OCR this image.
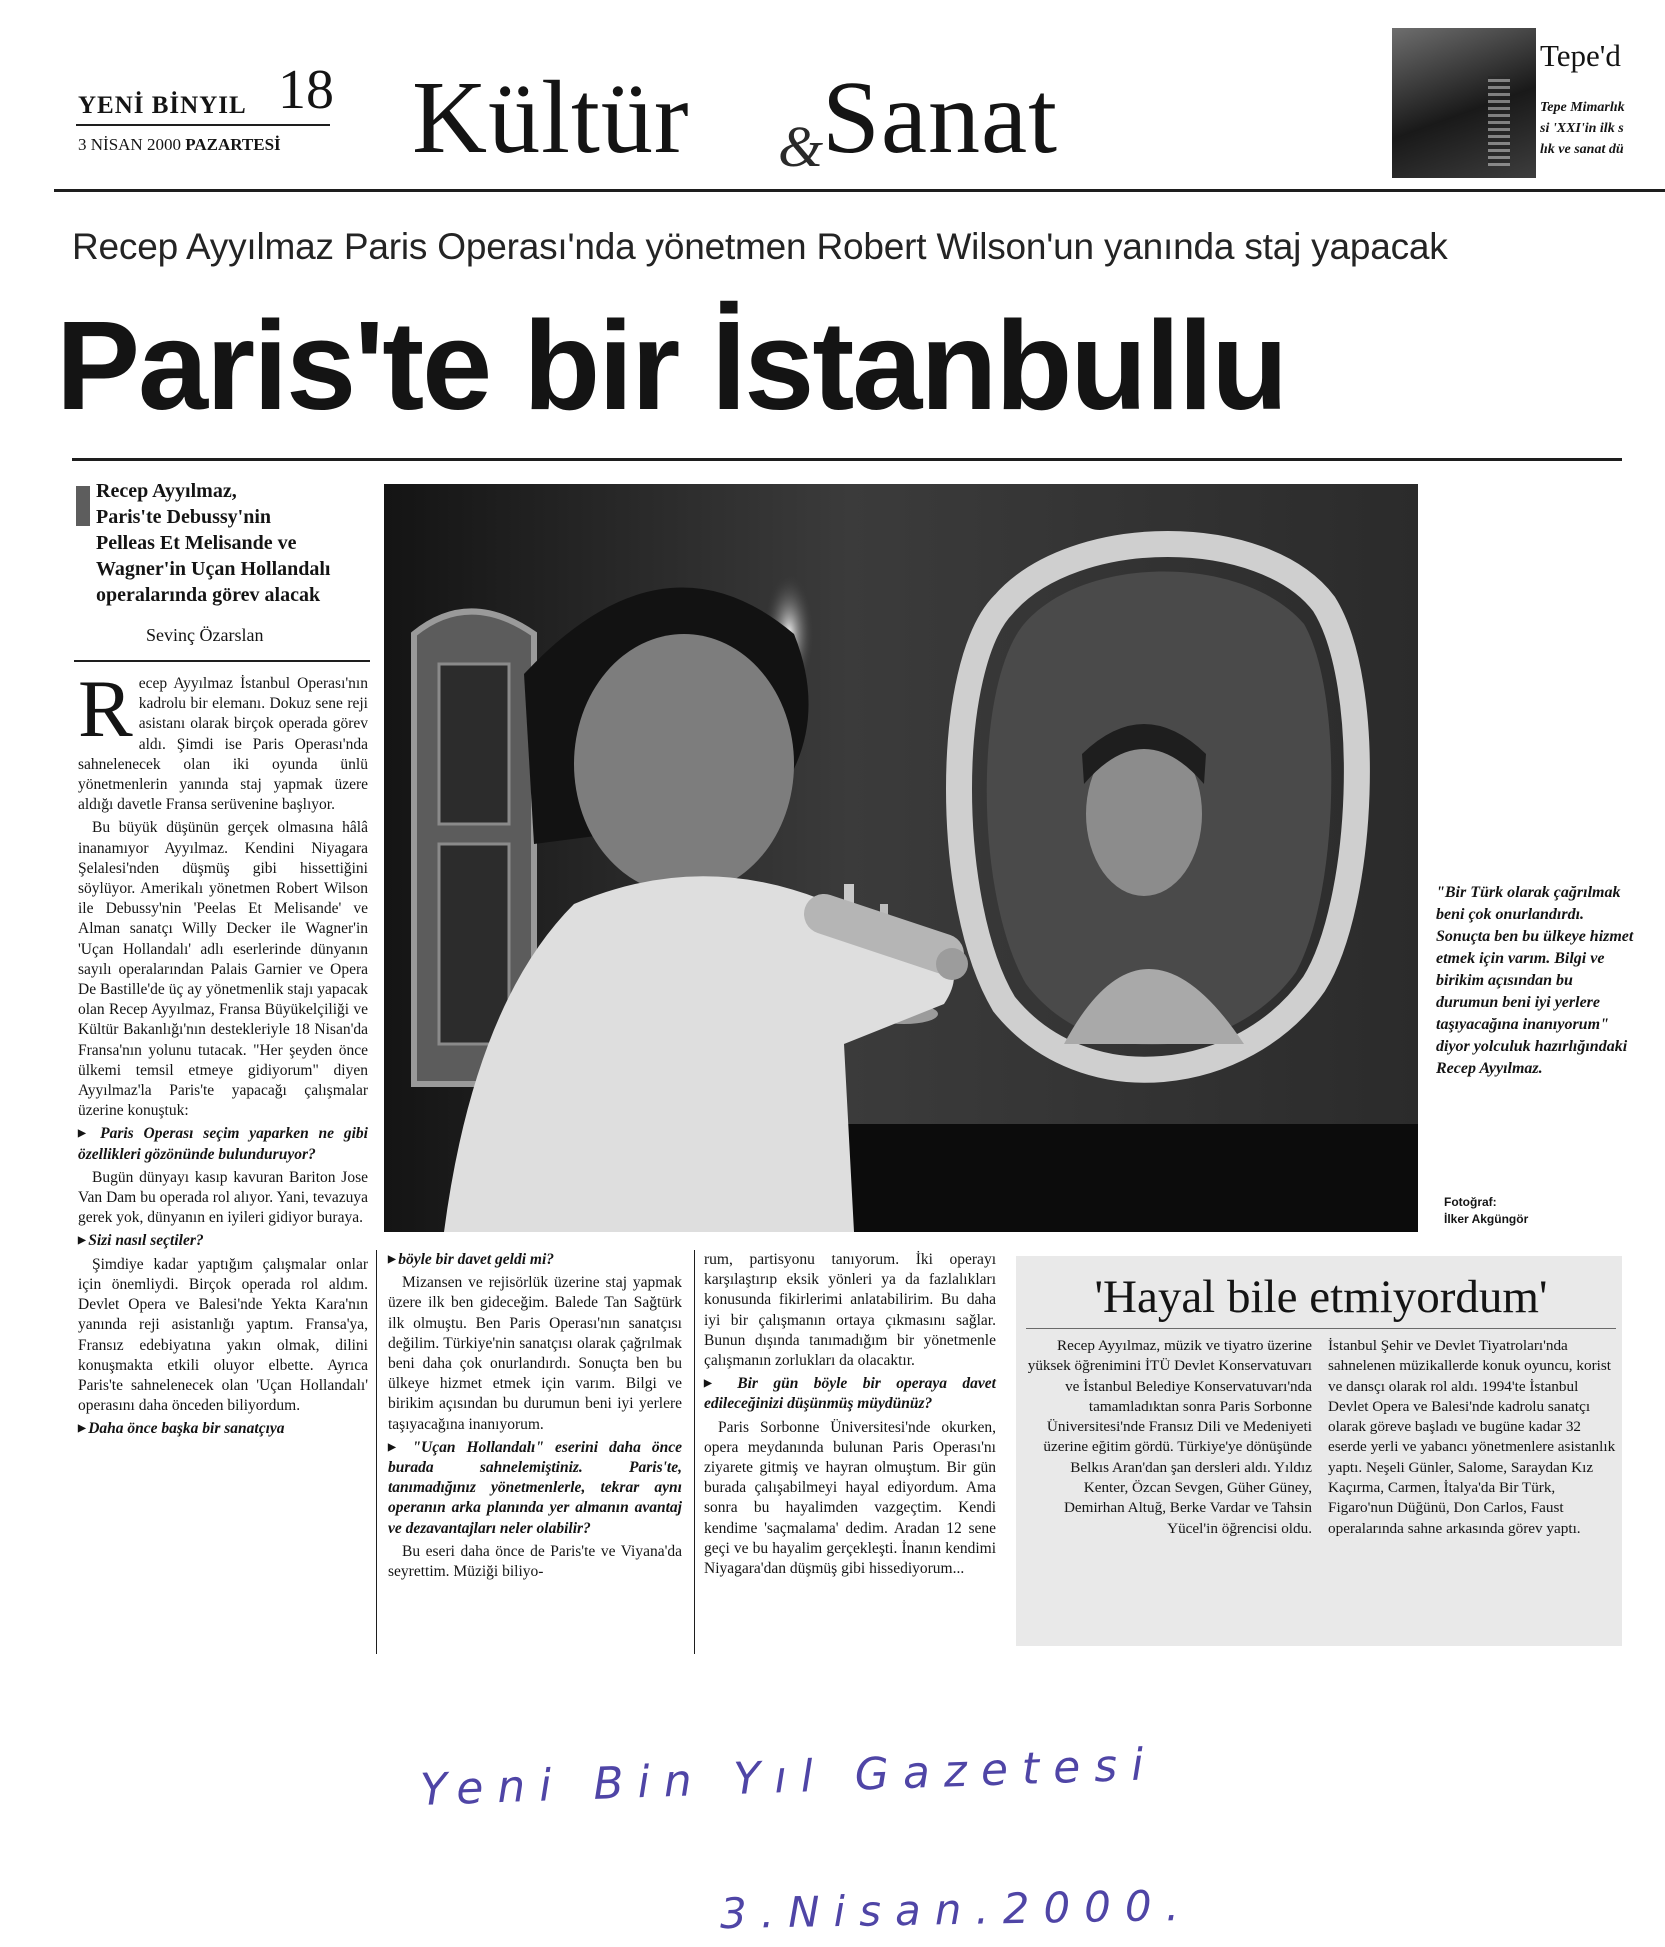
YENİ BİNYIL 18
3 NİSAN 2000 PAZARTESİ Kültür &
Sanat
Tepe'd
Tepe Mimarlık
si 'XXI'in ilk s
lık ve sanat dü
Recep Ayyılmaz Paris Operası'nda yönetmen Robert Wilson'un yanında staj yapacak
Paris'te bir İstanbullu
Recep Ayyılmaz,
Paris'te Debussy'nin
Pelleas Et Melisande ve
Wagner'in Uçan Hollandalı
operalarında görev alacak
Sevinç Özarslan

Recep Ayyılmaz İstanbul Operası'nın kadrolu bir elemanı. Dokuz sene reji asistanı olarak birçok operada görev aldı. Şimdi ise Paris Operası'nda sahnelenecek olan iki oyunda ünlü yönetmenlerin yanında staj yapmak üzere aldığı davetle Fransa serüvenine başlıyor.

Bu büyük düşünün gerçek olmasına hâlâ inanamıyor Ayyılmaz. Kendini Niyagara Şelalesi'nden düşmüş gibi hissettiğini söylüyor. Amerikalı yönetmen Robert Wilson ile Debussy'nin 'Peelas Et Melisande' ve Alman sanatçı Willy Decker ile Wagner'in 'Uçan Hollandalı' adlı eserlerinde dünyanın sayılı operalarından Palais Garnier ve Opera De Bastille'de üç ay yönetmenlik stajı yapacak olan Recep Ayyılmaz, Fransa Büyükelçiliği ve Kültür Bakanlığı'nın destekleriyle 18 Nisan'da Fransa'nın yolunu tutacak. "Her şeyden önce ülkemi temsil etmeye gidiyorum" diyen Ayyılmaz'la Paris'te yapacağı çalışmalar üzerine konuştuk:

▶ Paris Operası seçim yaparken ne gibi özellikleri gözönünde bulunduruyor?

Bugün dünyayı kasıp kavuran Bariton Jose Van Dam bu operada rol alıyor. Yani, tevazuya gerek yok, dünyanın en iyileri gidiyor buraya.

▶ Sizi nasıl seçtiler?

Şimdiye kadar yaptığım çalışmalar onlar için önemliydi. Birçok operada rol aldım. Devlet Opera ve Balesi'nde Yekta Kara'nın yanında reji asistanlığı yaptım. Fransa'ya, Fransız edebiyatına yakın olmak, dilini konuşmakta etkili oluyor elbette. Ayrıca Paris'te sahnelenecek olan 'Uçan Hollandalı' operasını daha önceden biliyordum.

▶ Daha önce başka bir sanatçıya

"Bir Türk olarak çağrılmak beni çok onurlandırdı. Sonuçta ben bu ülkeye hizmet etmek için varım. Bilgi ve birikim açısından bu durumun beni iyi yerlere taşıyacağına inanıyorum" diyor yolculuk hazırlığındaki Recep Ayyılmaz.
Fotoğraf:
İlker Akgüngör

▶ böyle bir davet geldi mi?

Mizansen ve rejisörlük üzerine staj yapmak üzere ilk ben gideceğim. Balede Tan Sağtürk ilk olmuştu. Ben Paris Operası'nın sanatçısı değilim. Türkiye'nin sanatçısı olarak çağrılmak beni daha çok onurlandırdı. Sonuçta ben bu ülkeye hizmet etmek için varım. Bilgi ve birikim açısından bu durumun beni iyi yerlere taşıyacağına inanıyorum.

▶ "Uçan Hollandalı" eserini daha önce burada sahnelemiştiniz. Paris'te, tanımadığınız yönetmenlerle, tekrar aynı operanın arka planında yer almanın avantaj ve dezavantajları neler olabilir?

Bu eseri daha önce de Paris'te ve Viyana'da seyrettim. Müziği biliyo-

rum, partisyonu tanıyorum. İki operayı karşılaştırıp eksik yönleri ya da fazlalıkları konusunda fikirlerimi anlatabilirim. Bu daha iyi bir çalışmanın ortaya çıkmasını sağlar. Bunun dışında tanımadığım bir yönetmenle çalışmanın zorlukları da olacaktır.

▶ Bir gün böyle bir operaya davet edileceğinizi düşünmüş müydünüz?

Paris Sorbonne Üniversitesi'nde okurken, opera meydanında bulunan Paris Operası'nı ziyarete gitmiş ve hayran olmuştum. Bir gün burada çalışabilmeyi hayal ediyordum. Ama sonra bu hayalimden vazgeçtim. Kendi kendime 'saçmalama' dedim. Aradan 12 sene geçi ve bu hayalim gerçekleşti. İnanın kendimi Niyagara'dan düşmüş gibi hissediyorum...

'Hayal bile etmiyordum'
Recep Ayyılmaz, müzik ve tiyatro üzerine yüksek öğrenimini İTÜ Devlet Konservatuvarı ve İstanbul Belediye Konservatuvarı'nda tamamladıktan sonra Paris Sorbonne Üniversitesi'nde Fransız Dili ve Medeniyeti üzerine eğitim gördü. Türkiye'ye dönüşünde Belkıs Aran'dan şan dersleri aldı. Yıldız Kenter, Özcan Sevgen, Güher Güney, Demirhan Altuğ, Berke Vardar ve Tahsin Yücel'in öğrencisi oldu.
İstanbul Şehir ve Devlet Tiyatroları'nda sahnelenen müzikallerde konuk oyuncu, korist ve dansçı olarak rol aldı. 1994'te İstanbul Devlet Opera ve Balesi'nde kadrolu sanatçı olarak göreve başladı ve bugüne kadar 32 eserde yerli ve yabancı yönetmenlere asistanlık yaptı. Neşeli Günler, Salome, Saraydan Kız Kaçırma, Carmen, İtalya'da Bir Türk, Figaro'nun Düğünü, Don Carlos, Faust operalarında sahne arkasında görev yaptı.
Yeni Bin Yıl Gazetesi
3.Nisan.2000.
